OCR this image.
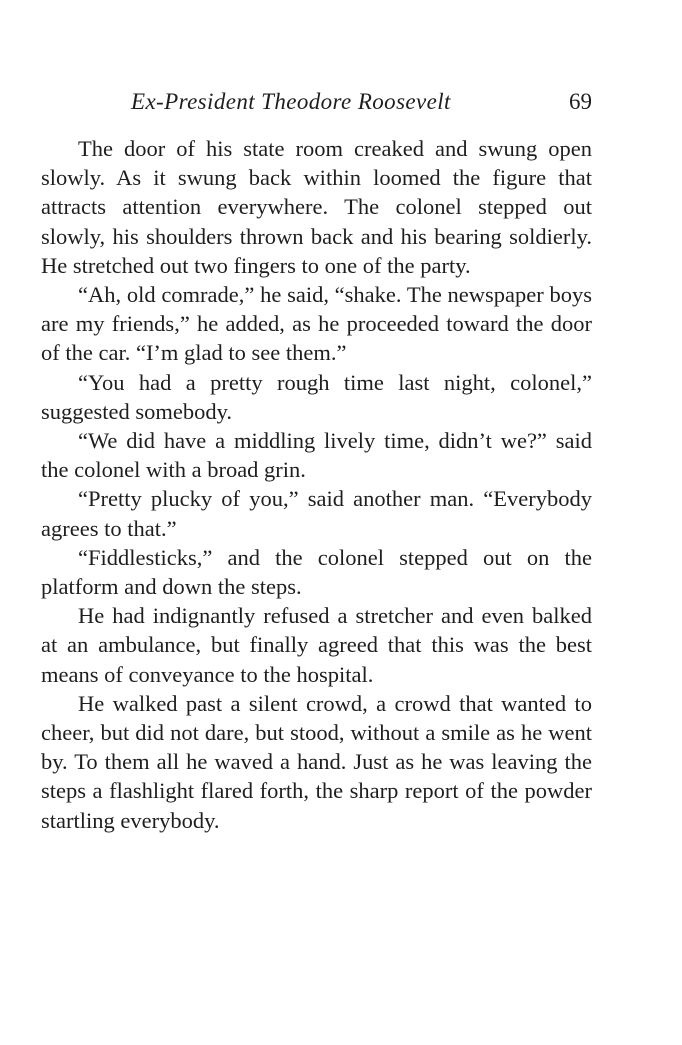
Ex-President Theodore Roosevelt	69

The door of his state room creaked and swung open slowly. As it swung back within loomed the figure that attracts attention everywhere. The colonel stepped out slowly, his shoulders thrown back and his bearing soldierly. He stretched out two fingers to one of the party.

“Ah, old comrade,” he said, “shake. The newspaper boys are my friends,” he added, as he proceeded toward the door of the car. “I’m glad to see them.”

“You had a pretty rough time last night, colonel,” suggested somebody.

“We did have a middling lively time, didn’t we?” said the colonel with a broad grin.

“Pretty plucky of you,” said another man. “Everybody agrees to that.”

“Fiddlesticks,” and the colonel stepped out on the platform and down the steps.

He had indignantly refused a stretcher and even balked at an ambulance, but finally agreed that this was the best means of conveyance to the hospital.

He walked past a silent crowd, a crowd that wanted to cheer, but did not dare, but stood, without a smile as he went by. To them all he waved a hand. Just as he was leaving the steps a flashlight flared forth, the sharp report of the powder startling everybody.
